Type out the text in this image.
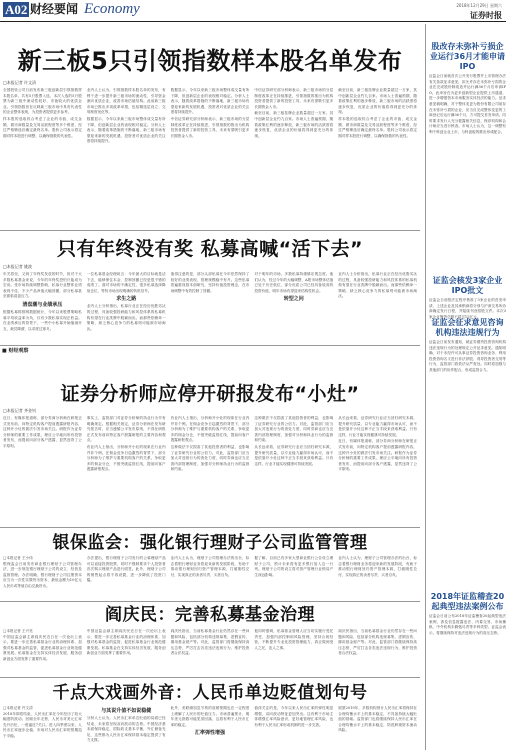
A02 财经要闻 Economy	2018年12月29日 星期六
证券时报
新三板5只引领指数样本股名单发布
□本报记者 许文清
全国股转公司日前发布新三板创新层引领指数样本股名单，共有5只股票入选，本次入选的5只股票为新三板中流动性较好、市值较大的优质企业。引领指数旨在反映新三板市场中具有代表性的企业整体表现，为投资者提供更多参考。
样本股的选取综合考虑了企业的市值、成交金额、做市商数量及交易活跃程度等多个维度，经过严格筛选后确定最终名单。股转公司表示将定期对样本股进行调整，以确保指数的代表性。
业内人士认为，引领指数样本股名单的发布，有利于进一步提升新三板市场的流动性，引导资金流向优质企业，改善市场估值结构。此前新三板市场已推出多项改革举措，包括精选层设立、交易制度优化等。
数据显示，今年以来新三板市场整体成交量有所下降，但创新层企业的表现相对稳定。分析人士表示，随着改革措施的不断落地，新三板市场有望迎来新的发展机遇，投资者对优质企业的关注度将持续提升。
数据显示，今年以来新三板市场整体成交量有所下降，但创新层企业的表现相对稳定。分析人士表示，随着改革措施的不断落地，新三板市场有望迎来新的发展机遇，投资者对优质企业的关注度将持续提升。
中信证券研究部分析师表示，新三板市场的分层制度改革正在持续推进，引领指数的推出为机构投资者提供了新的投资工具，未来有望吸引更多长期资金入市。
中信证券研究部分析师表示，新三板市场的分层制度改革正在持续推进，引领指数的推出为机构投资者提供了新的投资工具，未来有望吸引更多长期资金入市。
截至目前，新三板挂牌企业数量超过一万家，其中创新层企业约九百家。市场人士普遍预期，随着政策红利的逐步释放，新三板市场的活跃度将逐步恢复，优质企业的价值将得到更充分的体现。
截至目前，新三板挂牌企业数量超过一万家，其中创新层企业约九百家。市场人士普遍预期，随着政策红利的逐步释放，新三板市场的活跃度将逐步恢复，优质企业的价值将得到更充分的体现。
样本股的选取综合考虑了企业的市值、成交金额、做市商数量及交易活跃程度等多个维度，经过严格筛选后确定最终名单。股转公司表示将定期对样本股进行调整，以确保指数的代表性。
只有年终没有奖 私募高喊“活下去”
□本报记者 姚波
年关将至，又到了年终奖发放的时节，但对于大多数私募基金来说，今年的年终奖恐怕只能成为空谈。受市场持续调整影响，私募行业整体业绩表现不佳，不少产品净值大幅回撤，部分私募甚至面临清盘压力。
清盘潮与业绩承压
根据私募排排网数据统计，今年以来股票策略私募平均收益率为负，仅有少数私募实现正收益。在业绩承压的背景下，一些中小私募开始缩减开支，裁员降薪，以求度过寒冬。
一位私募基金经理坦言：今年最大的目标就是活下去，能够保住本金、控制回撤已经是很不错的成绩了。面对市场的不确定性，很多私募选择降低仓位，等待市场出现明确的转机信号。
求生之路
业内人士分析指出，私募行业正在经历优胜劣汰的过程，具备较强投研能力和风控体系的私募机构有望在行业洗牌中脱颖而出。而那些依赖单一策略、缺乏核心竞争力的私募则可能被市场淘汰。
值得注意的是，部分头部私募在今年依然保持了较好的业绩表现，管理规模稳中有升。这些私募普遍重视基本面研究，坚持价值投资理念，在市场调整中有效控制了回撤。
对于明年的市场，多数私募持谨慎乐观态度。他们认为，经过今年的大幅调整，A股市场整体估值已处于历史低位，部分优质公司已经具备较高的投资价值，明年市场有望迎来结构性机会。
转型之问
业内人士分析指出，私募行业正在经历优胜劣汰的过程，具备较强投研能力和风控体系的私募机构有望在行业洗牌中脱颖而出。而那些依赖单一策略、缺乏核心竞争力的私募则可能被市场淘汰。
■ 财经观察
证券分析师应停开研报发布“小灶”
□本报记者 齐金钊
近日，有媒体报道称，部分券商分析师在研报正式发布前，向特定机构客户提前透露研报内容，这种开小灶的做法引发市场关注。研报作为证券分析师的重要工作成果，理应公平地向所有投资者发布，而提前向部分客户透露，显然违背了公平原则。
事实上，监管部门对证券分析师的执业行为早有明确规定。根据相关规定，证券分析师在发布研究报告时，应当遵循公平发布原则，不得在研报正式发布前向特定客户泄露研报的主要内容和观点。
有业内人士指出，分析师开小灶的现象在行业内并非个例。在佣金竞争日趋激烈的背景下，部分分析师为了维护与重要机构客户的关系，争取更多的佣金分仓，不惜突破监管红线，提前向客户透露研报观点。
有业内人士指出，分析师开小灶的现象在行业内并非个例。在佣金竞争日趋激烈的背景下，部分分析师为了维护与重要机构客户的关系，争取更多的佣金分仓，不惜突破监管红线，提前向客户透露研报观点。
这种做法不仅损害了其他投资者的利益，也影响了证券研究行业的公信力。对此，监管部门应当加大对违规行为的查处力度，同时券商也应当完善内部管理制度，加强对分析师执业行为的监督和约束。
这种做法不仅损害了其他投资者的利益，也影响了证券研究行业的公信力。对此，监管部门应当加大对违规行为的查处力度，同时券商也应当完善内部管理制度，加强对分析师执业行为的监督和约束。
从长远来看，证券研究行业应当回归研究本源，提升研究质量，以专业能力赢得市场认可，而不是依靠开小灶这种不正当手段来获取利益。只有这样，行业才能实现健康可持续发展。
从长远来看，证券研究行业应当回归研究本源，提升研究质量，以专业能力赢得市场认可，而不是依靠开小灶这种不正当手段来获取利益。只有这样，行业才能实现健康可持续发展。
近日，有媒体报道称，部分券商分析师在研报正式发布前，向特定机构客户提前透露研报内容，这种开小灶的做法引发市场关注。研报作为证券分析师的重要工作成果，理应公平地向所有投资者发布，而提前向部分客户透露，显然违背了公平原则。
银保监会：强化银行理财子公司监管管理
□本报记者 王小伟
银保监会日前发布商业银行理财子公司管理办法，进一步规范银行理财子公司的设立、经营及监督管理。办法明确，银行理财子公司注册资本应当为一次性实缴货币资本，最低金额为10亿元人民币或等值自由兑换货币。
办法提出，银行理财子公司发行的公募理财产品可以直接投资股票，同时不强制要求个人投资者首次购买理财产品进行面签。此外，理财子公司的销售起点将不再设置，进一步降低了投资门槛。
业内人士认为，理财子公司管理办法的出台，标志着银行理财业务将迎来新的发展阶段，有助于推动银行理财回归资产管理本源，打破刚性兑付，实现真正的卖者尽责、买者自负。
据了解，目前已有多家大型商业银行公告设立理财子公司，预计未来将有更多银行加入这一行列。理财子公司的设立将对资产管理行业格局产生深远影响。
业内人士认为，理财子公司管理办法的出台，标志着银行理财业务将迎来新的发展阶段，有助于推动银行理财回归资产管理本源，打破刚性兑付，实现真正的卖者尽责、买者自负。
阎庆民：完善私募基金治理
□本报记者 王兴亮
中国证监会副主席阎庆民近日在一次论坛上表示，要进一步完善私募基金行业的治理体系，加强对私募基金的监管，促进私募基金行业规范健康发展。私募基金在支持实体经济发展、服务创新创业方面发挥了重要作用。
中国证监会副主席阎庆民近日在一次论坛上表示，要进一步完善私募基金行业的治理体系，加强对私募基金的监管，促进私募基金行业规范健康发展。私募基金在支持实体经济发展、服务创新创业方面发挥了重要作用。
阎庆民指出，当前私募基金行业仍然存在一些问题和风险，包括部分机构违规募集、虚假宣传、挪用基金财产等。对此，监管部门将继续保持高压态势，严厉打击各类违法违规行为，维护投资者合法权益。
他同时强调，私募基金管理人应当切实履行受托责任，加强内部控制和风险管理，坚持合规经营，不断提升专业化投资管理能力，真正做到受人之托、忠人之事。
阎庆民指出，当前私募基金行业仍然存在一些问题和风险，包括部分机构违规募集、虚假宣传、挪用基金财产等。对此，监管部门将继续保持高压态势，严厉打击各类违法违规行为，维护投资者合法权益。
千点大戏画外音：人民币单边贬值划句号
□本报记者 许文清
2018年即将结束，人民币汇率在今年经历了较大幅度的波动。回顾全年走势，人民币对美元汇率先升后贬，一度逼近7关口。进入四季度以来，人民币汇率逐步企稳，市场对人民币汇率的预期趋于平稳。
与其说升值不如说稳健
分析人士认为，人民币汇率单边贬值的局面已经结束，未来将呈现双向波动的态势。中国经济基本面保持稳定，国际收支基本平衡，外汇储备充足，这些都为人民币汇率保持基本稳定提供了有力支撑。
此外，美联储加息节奏的放缓预期也在一定程度上缓解了人民币的贬值压力。市场普遍预计，明年美元指数可能见顶回落，这将有利于人民币汇率的稳定。
汇率弹性增强
值得关注的是，今年以来人民币汇率的弹性明显增强，双向波动特征更加突出。这有利于市场主体增强汇率风险意识，更好地管理汇率风险，也有利于人民币汇率形成机制的进一步完善。
展望2019年，多数机构预计人民币汇率将保持在合理均衡水平上的基本稳定，不具备持续大幅贬值的基础。监管部门也将继续保持人民币汇率在合理均衡水平上的基本稳定，防范跨境资本流动风险。
股改存未弥补亏损企业运行36月才能申请IPO
证监会日前就首次公开发行股票并上市管理办法有关条款征求意见，拟允许存在未弥补亏损的企业在完成股份制改造并运行满36个月后申请IPO。此举旨在为更多创新型企业提供上市通道，进一步增强资本市场服务实体经济的能力。征求意见稿明确，对于整体变更为股份有限公司前存在未弥补亏损的企业，应当自完成整体变更的工商登记后运行满36个月，方可提交首发申请。同时要求发行人充分披露相关信息，保荐机构和会计师应当进行核查。市场人士认为，这一调整有利于科创企业上市，与科创板的推出形成配合。
证监会核发3家企业IPO批文
证监会日前按法定程序核准了3家企业的首发申请，上述企业及其承销商将分别与沪深交易所协商确定发行日程，并陆续刊登招股文件。本次3家企业筹资总额不超过15亿元。
证监会征求意见咨询机构违法违规行为
证监会日前发布通知，就证券期货投资咨询机构违法违规行为的处理规定公开征求意见。通知明确，对于未经许可从事证券投资咨询业务、利用投资咨询名义进行非法荐股、诱导投资者交易等行为，监管部门将依法从严查处。同时将加强与其他部门的协作配合，形成监管合力。
2018年证监稽查20起典型违法案例公布
证监会日前公布2018年证监稽查20起典型违法案例，涉及信息披露违法、内幕交易、市场操纵、中介机构未勤勉尽责等多种类型。证监会表示，将继续保持对违法违规行为的高压态势。
